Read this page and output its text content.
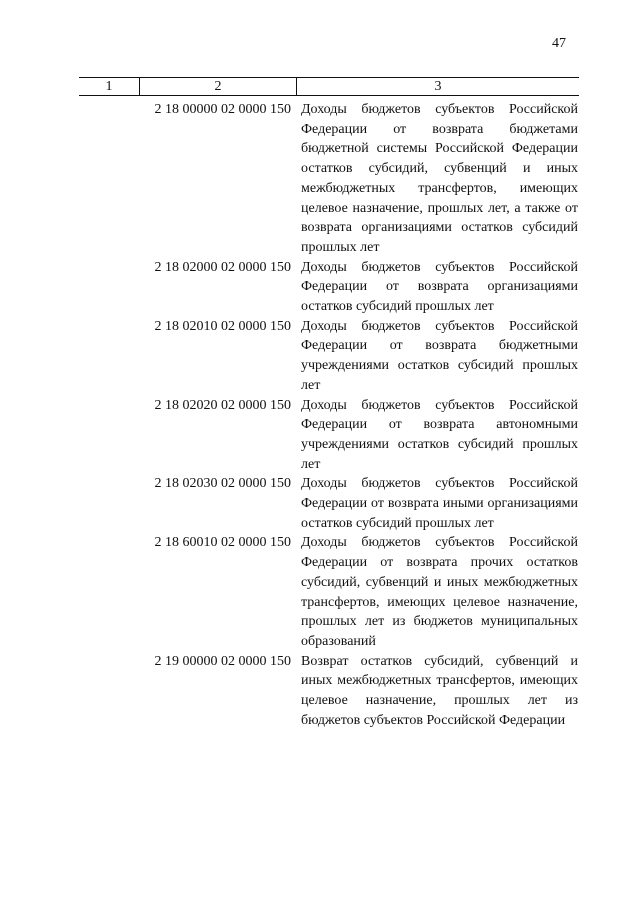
47
1	2	3
2 18 00000 02 0000 150 Доходы бюджетов субъектов Российской Федерации от возврата бюджетами бюджетной системы Российской Федерации остатков субсидий, субвенций и иных межбюджетных трансфертов, имеющих целевое назначение, прошлых лет, а также от возврата организациями остатков субсидий прошлых лет
2 18 02000 02 0000 150 Доходы бюджетов субъектов Российской Федерации от возврата организациями остатков субсидий прошлых лет
2 18 02010 02 0000 150 Доходы бюджетов субъектов Российской Федерации от возврата бюджетными учреждениями остатков субсидий прошлых лет
2 18 02020 02 0000 150 Доходы бюджетов субъектов Российской Федерации от возврата автономными учреждениями остатков субсидий прошлых лет
2 18 02030 02 0000 150 Доходы бюджетов субъектов Российской Федерации от возврата иными организациями остатков субсидий прошлых лет
2 18 60010 02 0000 150 Доходы бюджетов субъектов Российской Федерации от возврата прочих остатков субсидий, субвенций и иных межбюджетных трансфертов, имеющих целевое назначение, прошлых лет из бюджетов муниципальных образований
2 19 00000 02 0000 150 Возврат остатков субсидий, субвенций и иных межбюджетных трансфертов, имеющих целевое назначение, прошлых лет из бюджетов субъектов Российской Федерации
